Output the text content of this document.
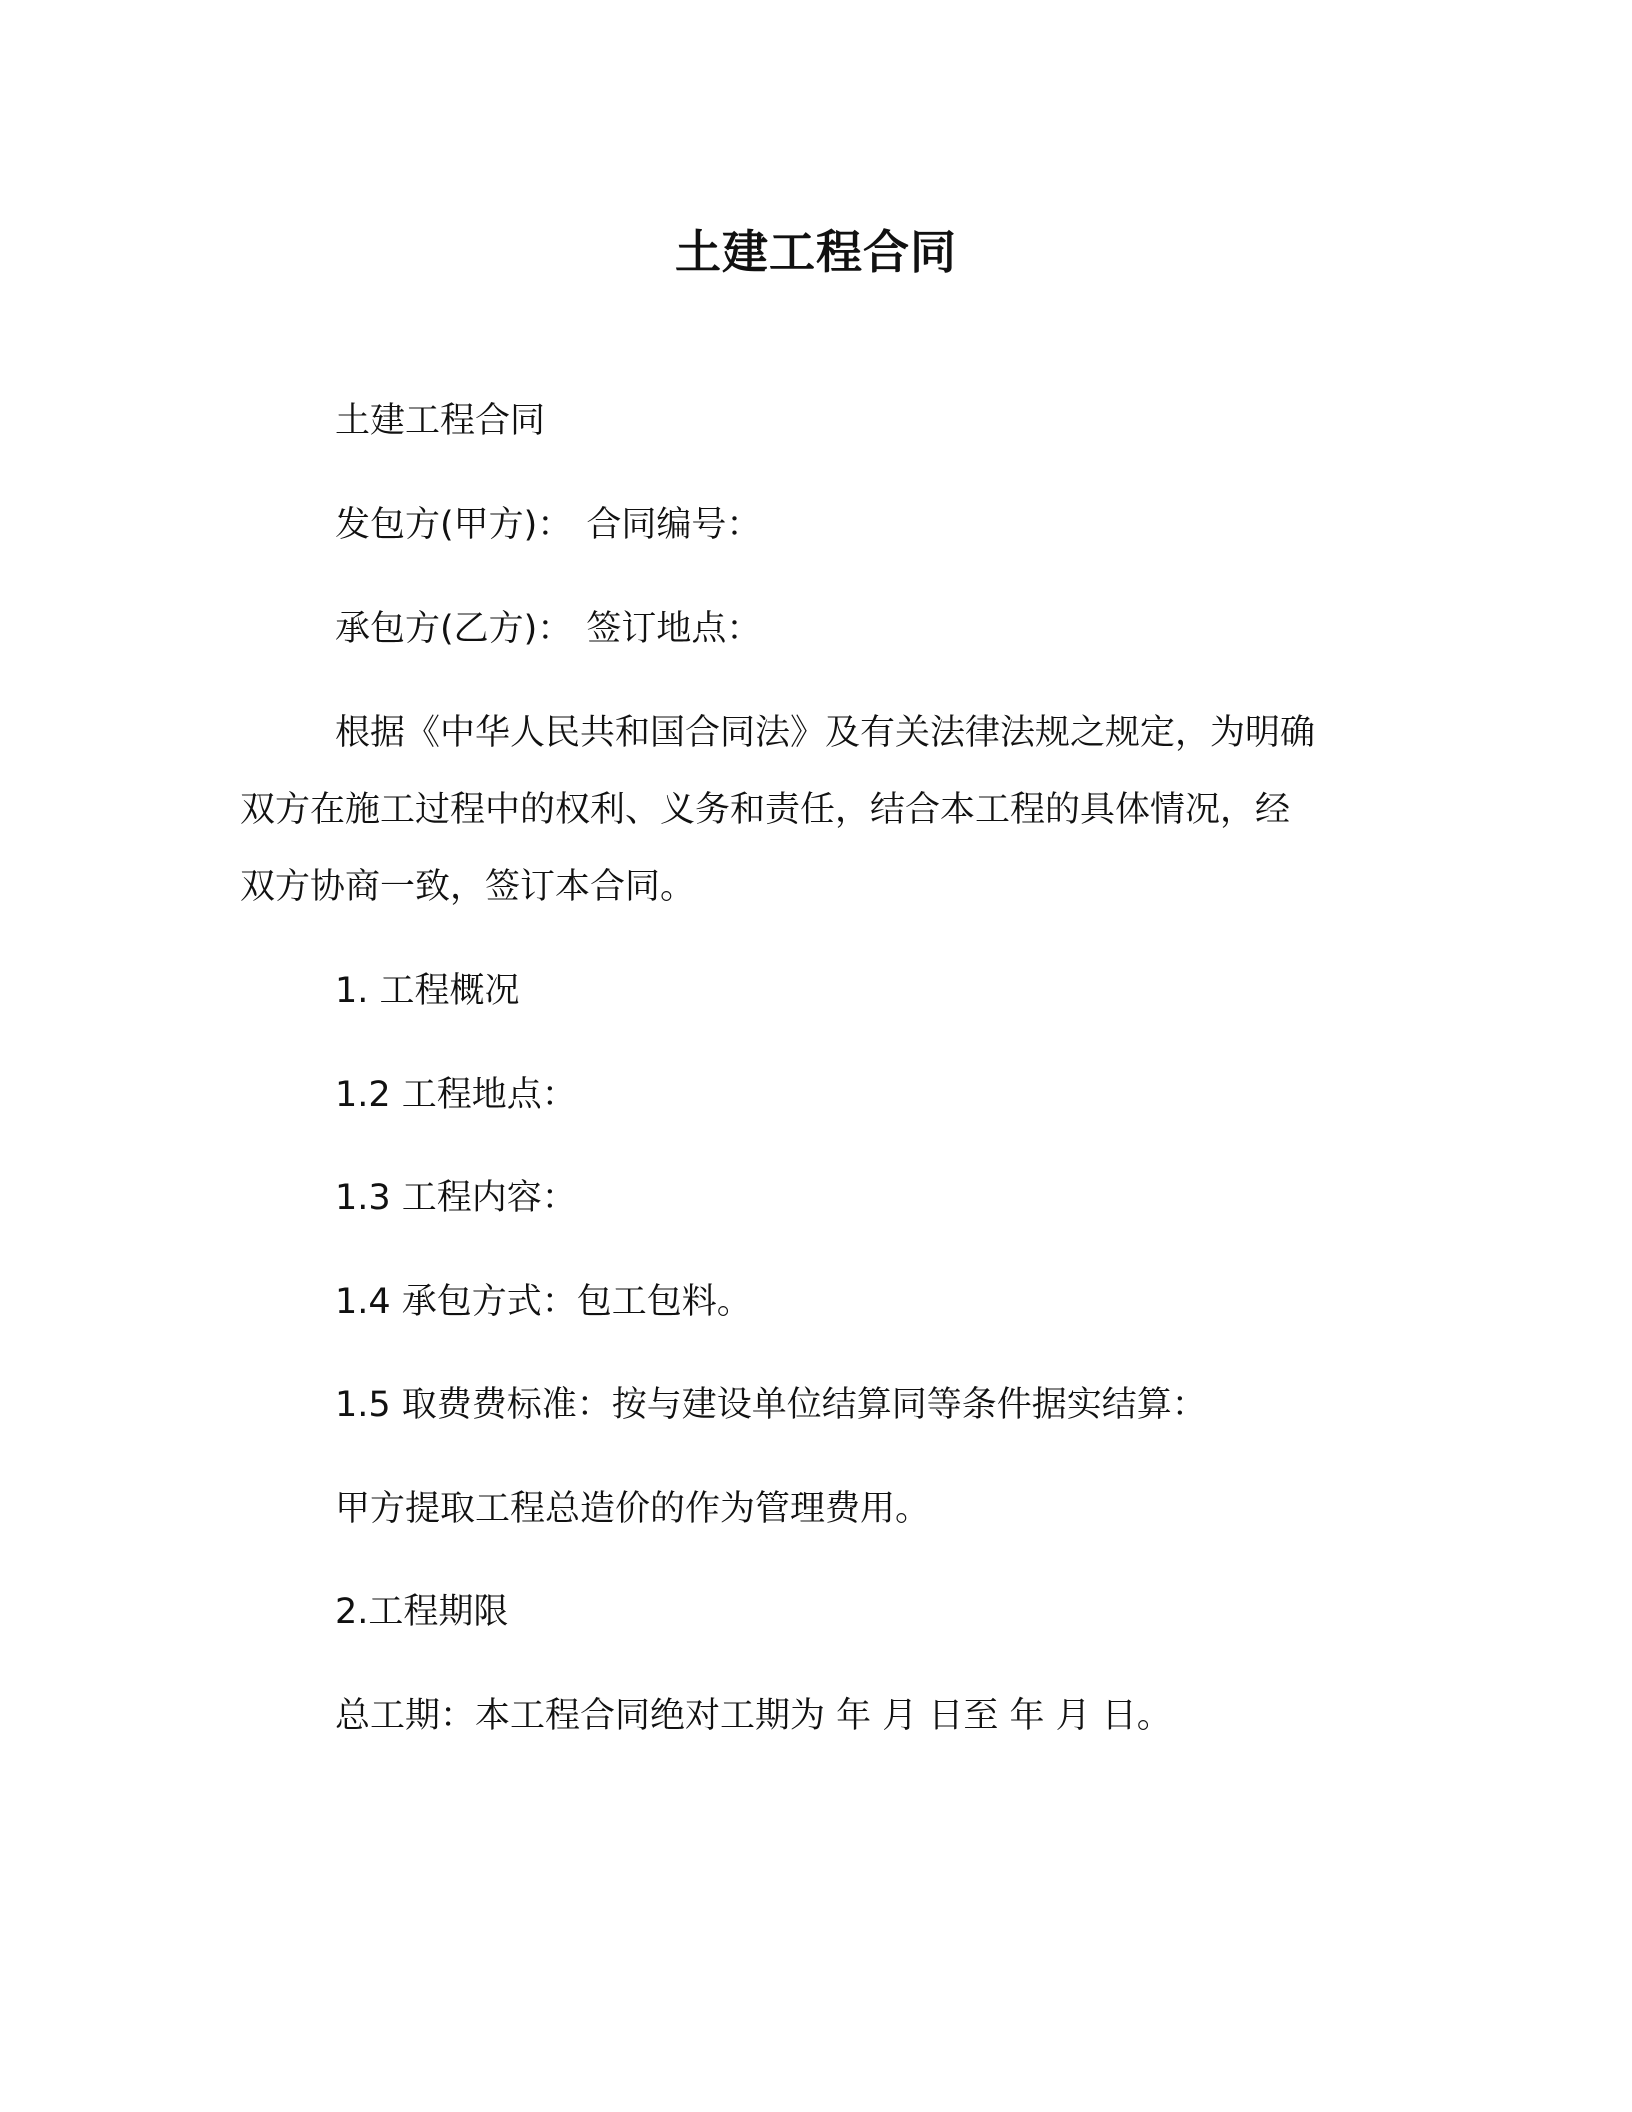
土建工程合同
土建工程合同
发包方(甲方)： 合同编号：
承包方(乙方)： 签订地点：
根据《中华人民共和国合同法》及有关法律法规之规定，为明确
双方在施工过程中的权利、义务和责任，结合本工程的具体情况，经
双方协商一致，签订本合同。
1. 工程概况
1.2 工程地点：
1.3 工程内容：
1.4 承包方式：包工包料。
1.5 取费费标准：按与建设单位结算同等条件据实结算：
甲方提取工程总造价的作为管理费用。
2.工程期限
总工期：本工程合同绝对工期为 年 月 日至 年 月 日。
